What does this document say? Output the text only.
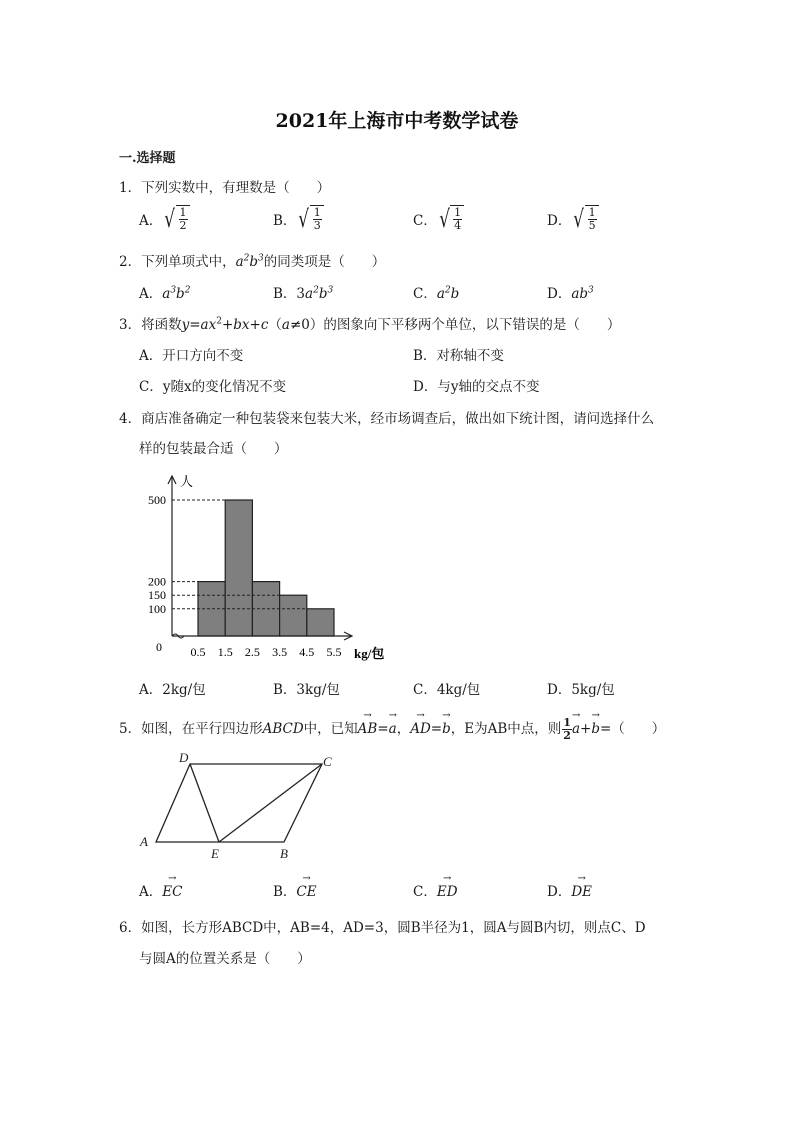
2021年上海市中考数学试卷
一.选择题
1．下列实数中，有理数是（　　）
A． √ $\frac{1}{2}$	B． √ $\frac{1}{3}$	C． √ $\frac{1}{4}$	D． √ $\frac{1}{5}$
2．下列单项式中，$a^2b^3$的同类项是（　　）
A．$a^3b^2$	B．$3a^2b^3$	C．$a^2b$	D．$ab^3$
3．将函数$y=ax^2+bx+c(a\ne 0)$的图象向下平移两个单位，以下错误的是（　　）
A．开口方向不变	B．对称轴不变
C．y随x的变化情况不变	D．与y轴的交点不变
4．商店准备确定一种包装袋来包装大米，经市场调查后，做出如下统计图，请问选择什么
样的包装最合适（　　）
100
150
200
500
人
0 0.5 1.5 2.5 3.5 4.5 5.5 kg/包
A．2kg/包	B．3kg/包	C．4kg/包	D．5kg/包
5．如图，在平行四边形ABCD中，已知→ AB=→ a，→ AD=→ b，E为AB中点，则 $\frac{1}{2} \to a+\to b=$（　　）
D	C
A
E	B
A．→ EC	B．→ CE	C．→ ED	D．→ DE
6．如图，长方形ABCD中，AB=4，AD=3，圆B半径为1，圆A与圆B内切，则点C、D
与圆A的位置关系是（　　）
